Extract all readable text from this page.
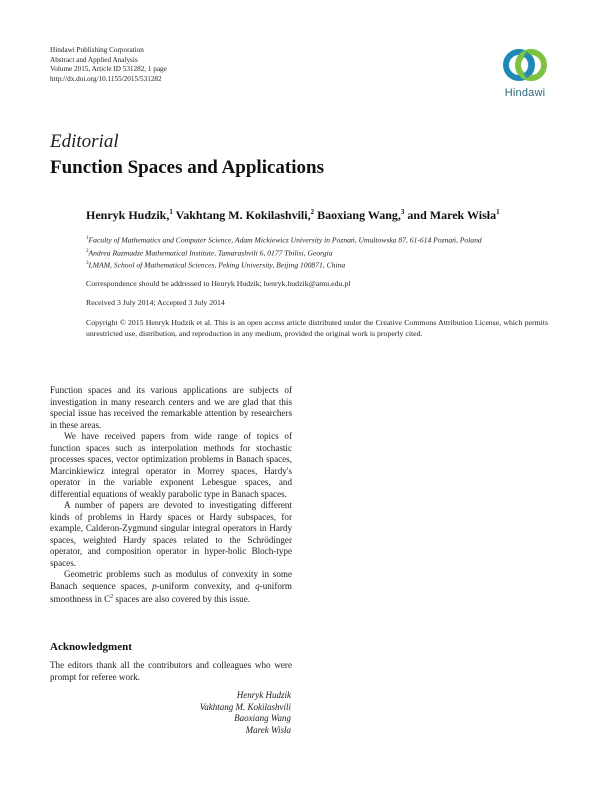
Hindawi Publishing Corporation
Abstract and Applied Analysis
Volume 2015, Article ID 531282, 1 page
http://dx.doi.org/10.1155/2015/531282
Hindawi
Editorial
Function Spaces and Applications
Henryk Hudzik,$^1$ Vakhtang M. Kokilashvili,$^2$ Baoxiang Wang,$^3$ and Marek Wisła$^1$
$^1$Faculty of Mathematics and Computer Science, Adam Mickiewicz University in Poznań, Umultowska 87, 61-614 Poznań, Poland
$^2$Andrea Razmadze Mathematical Institute, Tamarashvili 6, 0177 Tbilisi, Georgia
$^3$LMAM, School of Mathematical Sciences, Peking University, Beijing 100871, China
Correspondence should be addressed to Henryk Hudzik; henryk.hudzik@amu.edu.pl
Received 3 July 2014; Accepted 3 July 2014
Copyright © 2015 Henryk Hudzik et al. This is an open access article distributed under the Creative Commons Attribution License, which permits unrestricted use, distribution, and reproduction in any medium, provided the original work is properly cited.

Function spaces and its various applications are subjects of investigation in many research centers and we are glad that this special issue has received the remarkable attention by researchers in these areas.

We have received papers from wide range of topics of function spaces such as interpolation methods for stochastic processes spaces, vector optimization problems in Banach spaces, Marcinkiewicz integral operator in Morrey spaces, Hardy's operator in the variable exponent Lebesgue spaces, and differential equations of weakly parabolic type in Banach spaces.

A number of papers are devoted to investigating different kinds of problems in Hardy spaces or Hardy subspaces, for example, Calderon-Zygmund singular integral operators in Hardy spaces, weighted Hardy spaces related to the Schrödinger operator, and composition operator in hyper-bolic Bloch-type spaces.

Geometric problems such as modulus of convexity in some Banach sequence spaces, p-uniform convexity, and q-uniform smoothness in $C^2$ spaces are also covered by this issue.

Acknowledgment
The editors thank all the contributors and colleagues who were prompt for referee work.
Henryk Hudzik
Vakhtang M. Kokilashvili
Baoxiang Wang
Marek Wisła
